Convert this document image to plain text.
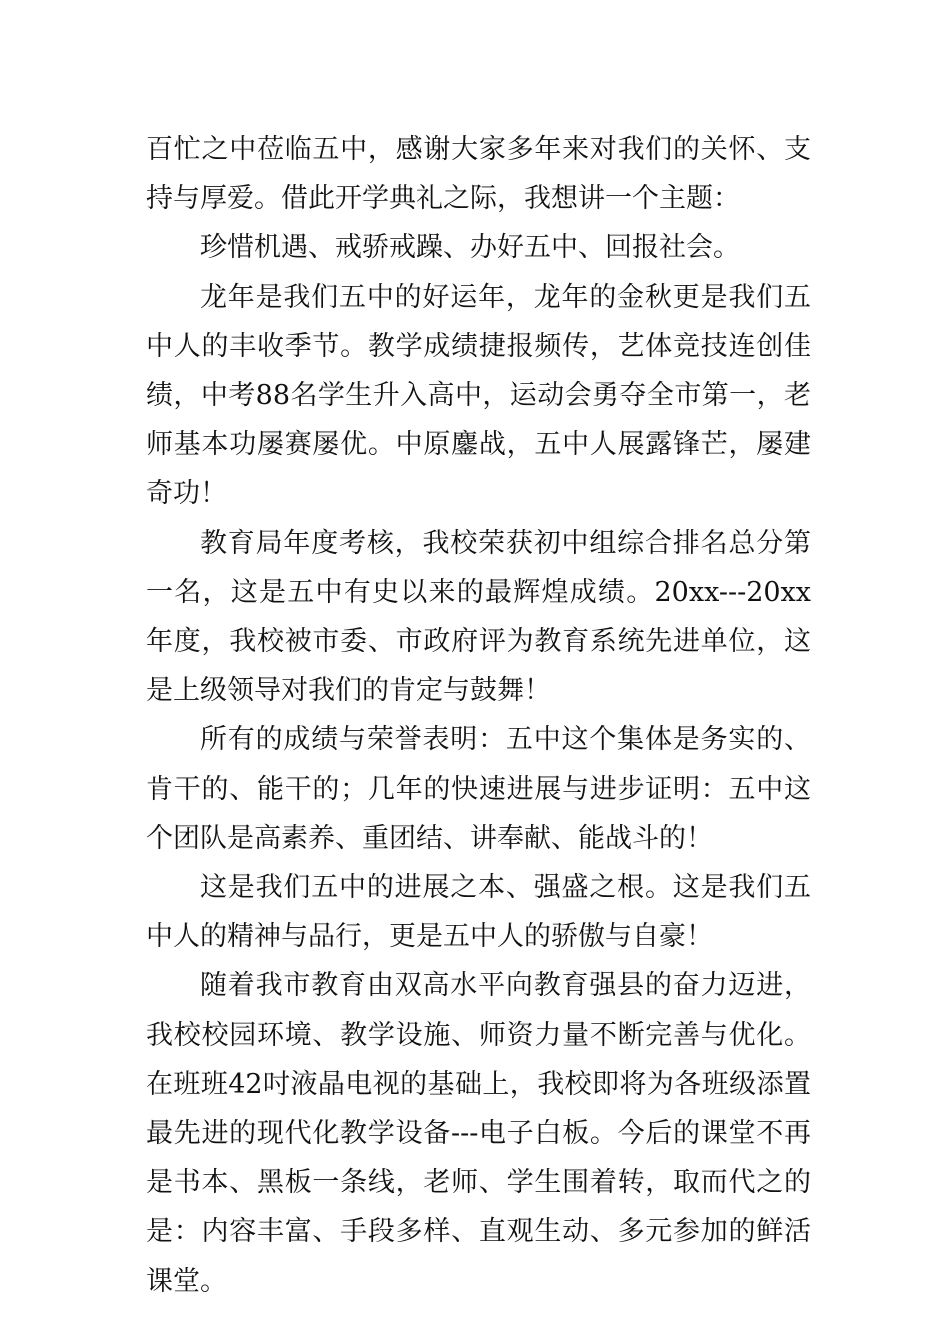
百忙之中莅临五中，感谢大家多年来对我们的关怀、支持与厚爱。借此开学典礼之际，我想讲一个主题：

珍惜机遇、戒骄戒躁、办好五中、回报社会。

龙年是我们五中的好运年，龙年的金秋更是我们五中人的丰收季节。教学成绩捷报频传，艺体竞技连创佳绩，中考88名学生升入高中，运动会勇夺全市第一，老师基本功屡赛屡优。中原鏖战，五中人展露锋芒，屡建奇功！

教育局年度考核，我校荣获初中组综合排名总分第一名，这是五中有史以来的最辉煌成绩。20xx---20xx年度，我校被市委、市政府评为教育系统先进单位，这是上级领导对我们的肯定与鼓舞！

所有的成绩与荣誉表明：五中这个集体是务实的、肯干的、能干的；几年的快速进展与进步证明：五中这个团队是高素养、重团结、讲奉献、能战斗的！

这是我们五中的进展之本、强盛之根。这是我们五中人的精神与品行，更是五中人的骄傲与自豪！

随着我市教育由双高水平向教育强县的奋力迈进，我校校园环境、教学设施、师资力量不断完善与优化。在班班42吋液晶电视的基础上，我校即将为各班级添置最先进的现代化教学设备---电子白板。今后的课堂不再是书本、黑板一条线，老师、学生围着转，取而代之的是：内容丰富、手段多样、直观生动、多元参加的鲜活课堂。
